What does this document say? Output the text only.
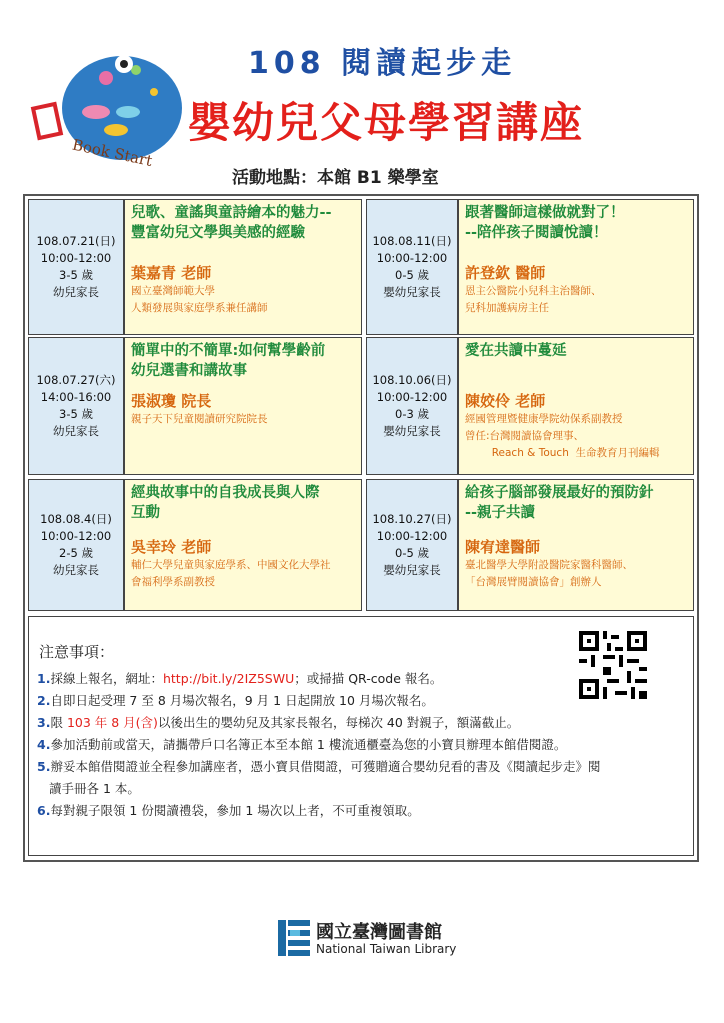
Book Start
108 閱讀起步走
嬰幼兒父母學習講座
活動地點：本館 B1 樂學室
108.07.21(日)
10:00-12:00
3-5 歲
幼兒家長
兒歌、童謠與童詩繪本的魅力--
豐富幼兒文學與美感的經驗
葉嘉青 老師
國立臺灣師範大學
人類發展與家庭學系兼任講師
108.08.11(日)
10:00-12:00
0-5 歲
嬰幼兒家長
跟著醫師這樣做就對了！
--陪伴孩子閱讀悅讀！
許登欽 醫師
恩主公醫院小兒科主治醫師、
兒科加護病房主任
108.07.27(六)
14:00-16:00
3-5 歲
幼兒家長
簡單中的不簡單:如何幫學齡前
幼兒選書和講故事
張淑瓊 院長
親子天下兒童閱讀研究院院長
108.10.06(日)
10:00-12:00
0-3 歲
嬰幼兒家長
愛在共讀中蔓延
陳姣伶 老師
經國管理暨健康學院幼保系副教授
曾任:台灣閱讀協會理事、
Reach & Touch  生命教育月刊編輯
108.08.4(日)
10:00-12:00
2-5 歲
幼兒家長
經典故事中的自我成長與人際
互動
吳幸玲 老師
輔仁大學兒童與家庭學系、中國文化大學社
會福利學系副教授
108.10.27(日)
10:00-12:00
0-5 歲
嬰幼兒家長
給孩子腦部發展最好的預防針
--親子共讀
陳宥達醫師
臺北醫學大學附設醫院家醫科醫師、
「台灣展臂閱讀協會」創辦人
注意事項：
1.採線上報名，網址：http://bit.ly/2IZ5SWU；或掃描 QR-code 報名。
2.自即日起受理 7 至 8 月場次報名，9 月 1 日起開放 10 月場次報名。
3.限 103 年 8 月(含)以後出生的嬰幼兒及其家長報名，每梯次 40 對親子，額滿截止。
4.參加活動前或當天，請攜帶戶口名簿正本至本館 1 樓流通櫃臺為您的小寶貝辦理本館借閱證。
5.辦妥本館借閱證並全程參加講座者，憑小寶貝借閱證，可獲贈適合嬰幼兒看的書及《閱讀起步走》閱
讀手冊各 1 本。
6.每對親子限領 1 份閱讀禮袋，參加 1 場次以上者，不可重複領取。
國立臺灣圖書館
National Taiwan Library
